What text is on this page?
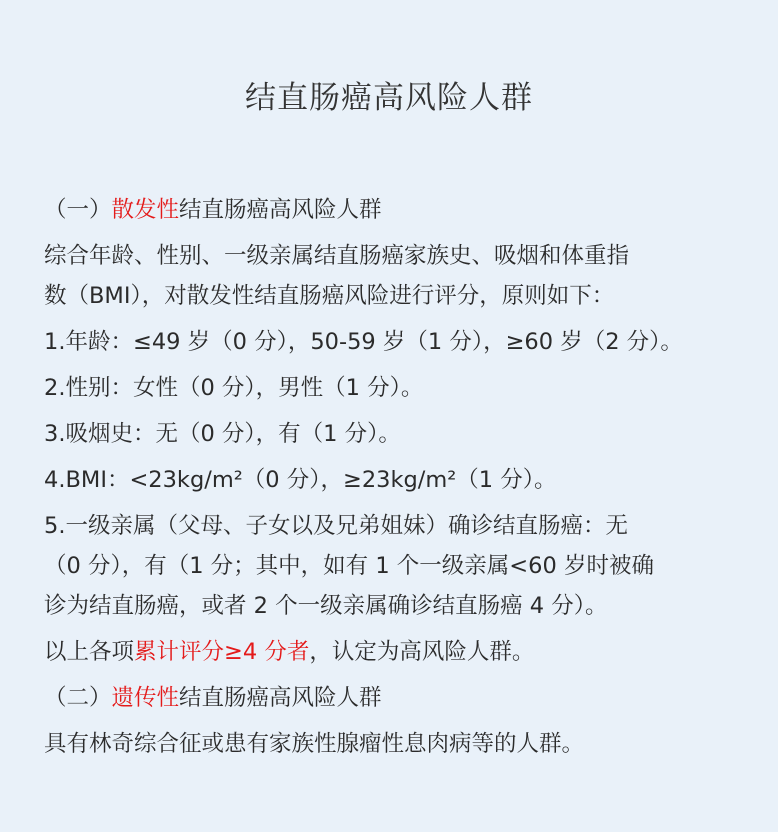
结直肠癌高风险人群
（一）散发性结直肠癌高风险人群
综合年龄、性别、一级亲属结直肠癌家族史、吸烟和体重指
数（BMI），对散发性结直肠癌风险进行评分，原则如下：
1.年龄：≤49 岁（0 分），50-59 岁（1 分），≥60 岁（2 分）。
2.性别：女性（0 分），男性（1 分）。
3.吸烟史：无（0 分），有（1 分）。
4.BMI：<23kg/m²（0 分），≥23kg/m²（1 分）。
5.一级亲属（父母、子女以及兄弟姐妹）确诊结直肠癌：无
（0 分），有（1 分；其中，如有 1 个一级亲属<60 岁时被确
诊为结直肠癌，或者 2 个一级亲属确诊结直肠癌 4 分）。
以上各项累计评分≥4 分者，认定为高风险人群。
（二）遗传性结直肠癌高风险人群
具有林奇综合征或患有家族性腺瘤性息肉病等的人群。
